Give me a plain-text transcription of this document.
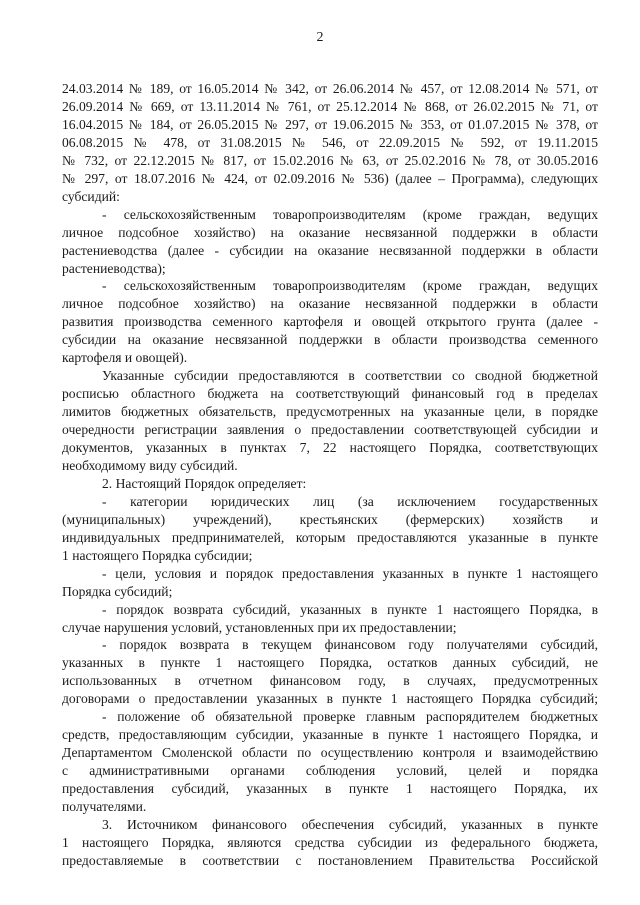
2
24.03.2014 № 189, от 16.05.2014 № 342, от 26.06.2014 № 457, от 12.08.2014 № 571, от
26.09.2014 № 669, от 13.11.2014 № 761, от 25.12.2014 № 868, от 26.02.2015 № 71, от
16.04.2015 № 184, от 26.05.2015 № 297, от 19.06.2015 № 353, от 01.07.2015 № 378, от
06.08.2015 № 478, от 31.08.2015 № 546, от 22.09.2015 № 592, от 19.11.2015
№ 732, от 22.12.2015 № 817, от 15.02.2016 № 63, от 25.02.2016 № 78, от 30.05.2016
№ 297, от 18.07.2016 № 424, от 02.09.2016 № 536) (далее – Программа), следующих
субсидий:
- сельскохозяйственным товаропроизводителям (кроме граждан, ведущих
личное подсобное хозяйство) на оказание несвязанной поддержки в области
растениеводства (далее - субсидии на оказание несвязанной поддержки в области
растениеводства);
- сельскохозяйственным товаропроизводителям (кроме граждан, ведущих
личное подсобное хозяйство) на оказание несвязанной поддержки в области
развития производства семенного картофеля и овощей открытого грунта (далее -
субсидии на оказание несвязанной поддержки в области производства семенного
картофеля и овощей).
Указанные субсидии предоставляются в соответствии со сводной бюджетной
росписью областного бюджета на соответствующий финансовый год в пределах
лимитов бюджетных обязательств, предусмотренных на указанные цели, в порядке
очередности регистрации заявления о предоставлении соответствующей субсидии и
документов, указанных в пунктах 7, 22 настоящего Порядка, соответствующих
необходимому виду субсидий.
2. Настоящий Порядок определяет:
- категории юридических лиц (за исключением государственных
(муниципальных) учреждений), крестьянских (фермерских) хозяйств и
индивидуальных предпринимателей, которым предоставляются указанные в пункте
1 настоящего Порядка субсидии;
- цели, условия и порядок предоставления указанных в пункте 1 настоящего
Порядка субсидий;
- порядок возврата субсидий, указанных в пункте 1 настоящего Порядка, в
случае нарушения условий, установленных при их предоставлении;
- порядок возврата в текущем финансовом году получателями субсидий,
указанных в пункте 1 настоящего Порядка, остатков данных субсидий, не
использованных в отчетном финансовом году, в случаях, предусмотренных
договорами о предоставлении указанных в пункте 1 настоящего Порядка субсидий;
- положение об обязательной проверке главным распорядителем бюджетных
средств, предоставляющим субсидии, указанные в пункте 1 настоящего Порядка, и
Департаментом Смоленской области по осуществлению контроля и взаимодействию
с административными органами соблюдения условий, целей и порядка
предоставления субсидий, указанных в пункте 1 настоящего Порядка, их
получателями.
3. Источником финансового обеспечения субсидий, указанных в пункте
1 настоящего Порядка, являются средства субсидии из федерального бюджета,
предоставляемые в соответствии с постановлением Правительства Российской
